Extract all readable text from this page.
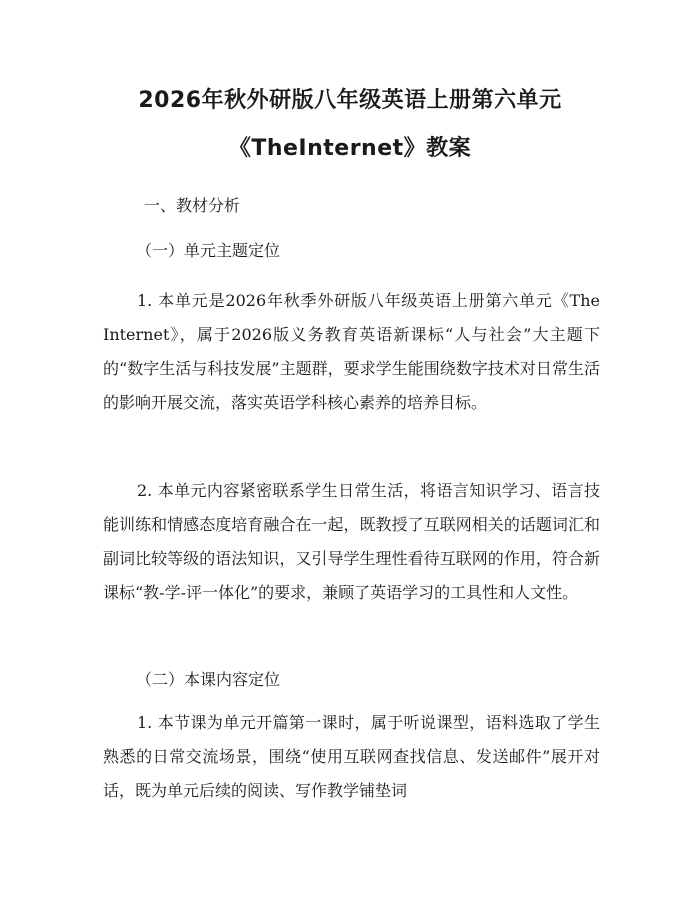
2026年秋外研版八年级英语上册第六单元
《TheInternet》教案

一、教材分析

（一）单元主题定位

1. 本单元是2026年秋季外研版八年级英语上册第六单元《The Internet》，属于2026版义务教育英语新课标“人与社会”大主题下的“数字生活与科技发展”主题群，要求学生能围绕数字技术对日常生活的影响开展交流，落实英语学科核心素养的培养目标。

2. 本单元内容紧密联系学生日常生活，将语言知识学习、语言技能训练和情感态度培育融合在一起，既教授了互联网相关的话题词汇和副词比较等级的语法知识，又引导学生理性看待互联网的作用，符合新课标“教-学-评一体化”的要求，兼顾了英语学习的工具性和人文性。

（二）本课内容定位

1. 本节课为单元开篇第一课时，属于听说课型，语料选取了学生熟悉的日常交流场景，围绕“使用互联网查找信息、发送邮件”展开对话，既为单元后续的阅读、写作教学铺垫词
